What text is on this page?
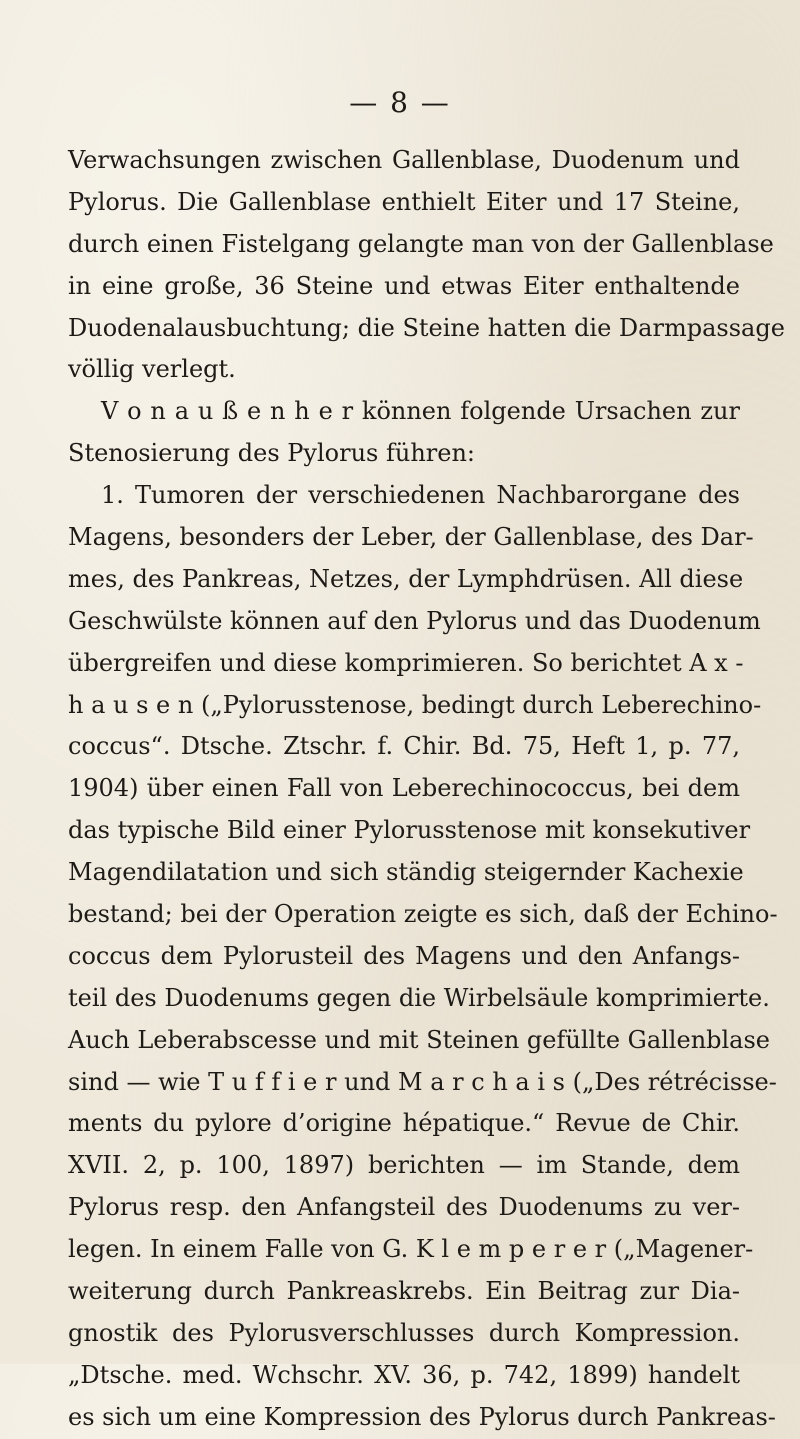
— 8 —
Verwachsungen zwischen Gallenblase, Duodenum und
Pylorus. Die Gallenblase enthielt Eiter und 17 Steine,
durch einen Fistelgang gelangte man von der Gallenblase
in eine große, 36 Steine und etwas Eiter enthaltende
Duodenalausbuchtung; die Steine hatten die Darmpassage
völlig verlegt.
V o n a u ß e n h e r können folgende Ursachen zur
Stenosierung des Pylorus führen:
1. Tumoren der verschiedenen Nachbarorgane des
Magens, besonders der Leber, der Gallenblase, des Dar-
mes, des Pankreas, Netzes, der Lymphdrüsen. All diese
Geschwülste können auf den Pylorus und das Duodenum
übergreifen und diese komprimieren. So berichtet A x -
h a u s e n („Pylorusstenose, bedingt durch Leberechino-
coccus“. Dtsche. Ztschr. f. Chir. Bd. 75, Heft 1, p. 77,
1904) über einen Fall von Leberechinococcus, bei dem
das typische Bild einer Pylorusstenose mit konsekutiver
Magendilatation und sich ständig steigernder Kachexie
bestand; bei der Operation zeigte es sich, daß der Echino-
coccus dem Pylorusteil des Magens und den Anfangs-
teil des Duodenums gegen die Wirbelsäule komprimierte.
Auch Leberabscesse und mit Steinen gefüllte Gallenblase
sind — wie T u f f i e r und M a r c h a i s („Des rétrécisse-
ments du pylore d’origine hépatique.“ Revue de Chir.
XVII. 2, p. 100, 1897) berichten — im Stande, dem
Pylorus resp. den Anfangsteil des Duodenums zu ver-
legen. In einem Falle von G. K l e m p e r e r („Magener-
weiterung durch Pankreaskrebs. Ein Beitrag zur Dia-
gnostik des Pylorusverschlusses durch Kompression.
„Dtsche. med. Wchschr. XV. 36, p. 742, 1899) handelt
es sich um eine Kompression des Pylorus durch Pankreas-
